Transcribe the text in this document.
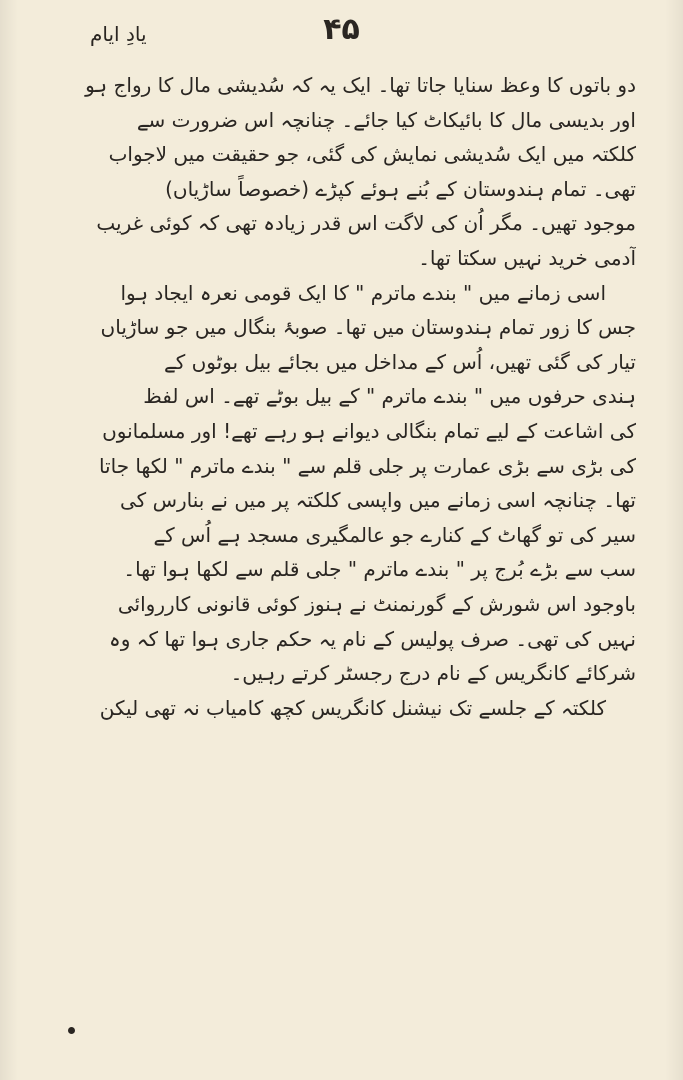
۴۵
یادِ ایام

دو باتوں کا وعظ سنایا جاتا تھا۔ ایک یہ کہ سُدیشی مال کا رواج ہو
اور بدیسی مال کا بائیکاٹ کیا جائے۔ چنانچہ اس ضرورت سے
کلکتہ میں ایک سُدیشی نمایش کی گئی، جو حقیقت میں لاجواب
تھی۔ تمام ہندوستان کے بُنے ہوئے کپڑے (خصوصاً ساڑیاں)
موجود تھیں۔ مگر اُن کی لاگت اس قدر زیادہ تھی کہ کوئی غریب
آدمی خرید نہیں سکتا تھا۔

اسی زمانے میں " بندے ماترم " کا ایک قومی نعرہ ایجاد ہوا
جس کا زور تمام ہندوستان میں تھا۔ صوبۂ بنگال میں جو ساڑیاں
تیار کی گئی تھیں، اُس کے مداخل میں بجائے بیل بوٹوں کے
ہندی حرفوں میں " بندے ماترم " کے بیل بوٹے تھے۔ اس لفظ
کی اشاعت کے لیے تمام بنگالی دیوانے ہو رہے تھے! اور مسلمانوں
کی بڑی سے بڑی عمارت پر جلی قلم سے " بندے ماترم " لکھا جاتا
تھا۔ چنانچہ اسی زمانے میں واپسی کلکتہ پر میں نے بنارس کی
سیر کی تو گھاٹ کے کنارے جو عالمگیری مسجد ہے اُس کے
سب سے بڑے بُرج پر " بندے ماترم " جلی قلم سے لکھا ہوا تھا۔
باوجود اس شورش کے گورنمنٹ نے ہنوز کوئی قانونی کارروائی
نہیں کی تھی۔ صرف پولیس کے نام یہ حکم جاری ہوا تھا کہ وہ
شرکائے کانگریس کے نام درج رجسٹر کرتے رہیں۔

کلکتہ کے جلسے تک نیشنل کانگریس کچھ کامیاب نہ تھی لیکن
